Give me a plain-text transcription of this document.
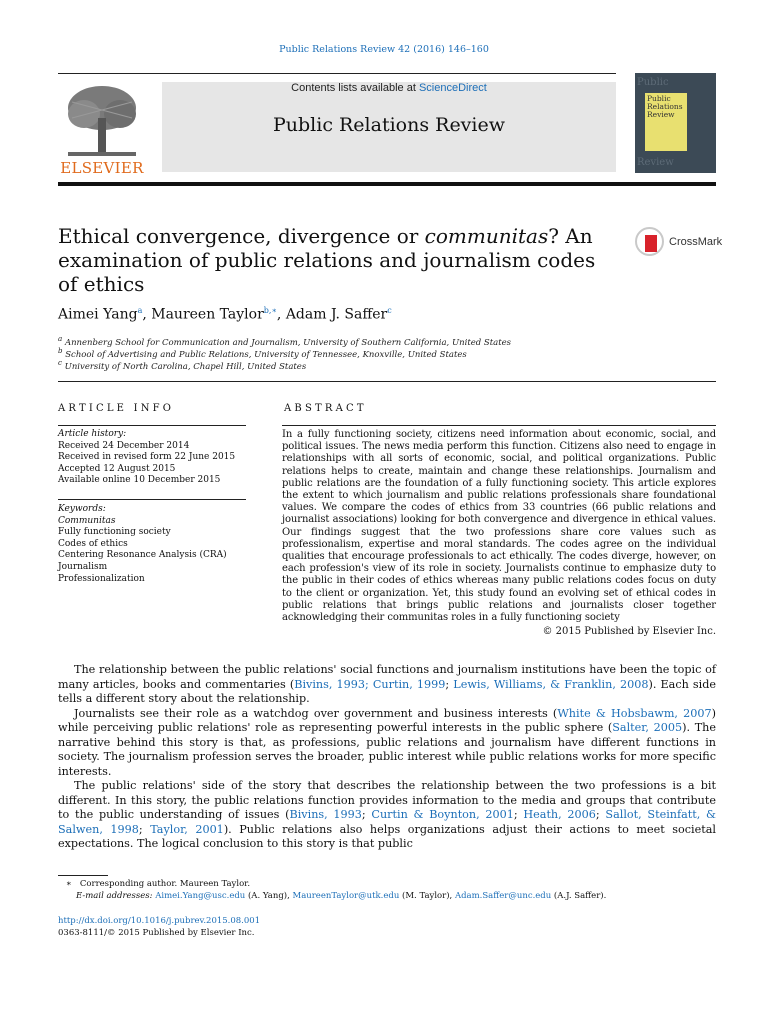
Public Relations Review 42 (2016) 146–160
ELSEVIER
Contents lists available at ScienceDirect
Public Relations Review
Public
Review
Public
Relations
Review
Ethical convergence, divergence or communitas? An examination of public relations and journalism codes of ethics
CrossMark
Aimei Yang$^a$, Maureen Taylor$^{b,∗}$, Adam J. Saffer$^c$
$^a$ Annenberg School for Communication and Journalism, University of Southern California, United States
$^b$ School of Advertising and Public Relations, University of Tennessee, Knoxville, United States
$^c$ University of North Carolina, Chapel Hill, United States
ARTICLE INFO
Article history:
Received 24 December 2014
Received in revised form 22 June 2015
Accepted 12 August 2015
Available online 10 December 2015
Keywords:
Communitas
Fully functioning society
Codes of ethics
Centering Resonance Analysis (CRA)
Journalism
Professionalization
ABSTRACT
In a fully functioning society, citizens need information about economic, social, and political issues. The news media perform this function. Citizens also need to engage in relationships with all sorts of economic, social, and political organizations. Public relations helps to create, maintain and change these relationships. Journalism and public relations are the foundation of a fully functioning society. This article explores the extent to which journalism and public relations professionals share foundational values. We compare the codes of ethics from 33 countries (66 public relations and journalist associations) looking for both convergence and divergence in ethical values. Our findings suggest that the two professions share core values such as professionalism, expertise and moral standards. The codes agree on the individual qualities that encourage professionals to act ethically. The codes diverge, however, on each profession's view of its role in society. Journalists continue to emphasize duty to the public in their codes of ethics whereas many public relations codes focus on duty to the client or organization. Yet, this study found an evolving set of ethical codes in public relations that brings public relations and journalists closer together acknowledging their communitas roles in a fully functioning society
© 2015 Published by Elsevier Inc.

The relationship between the public relations' social functions and journalism institutions have been the topic of many articles, books and commentaries (Bivins, 1993; Curtin, 1999; Lewis, Williams, & Franklin, 2008). Each side tells a different story about the relationship.

Journalists see their role as a watchdog over government and business interests (White & Hobsbawm, 2007) while perceiving public relations' role as representing powerful interests in the public sphere (Salter, 2005). The narrative behind this story is that, as professions, public relations and journalism have different functions in society. The journalism profession serves the broader, public interest while public relations works for more specific interests.

The public relations' side of the story that describes the relationship between the two professions is a bit different. In this story, the public relations function provides information to the media and groups that contribute to the public understanding of issues (Bivins, 1993; Curtin & Boynton, 2001; Heath, 2006; Sallot, Steinfatt, & Salwen, 1998; Taylor, 2001). Public relations also helps organizations adjust their actions to meet societal expectations. The logical conclusion to this story is that public

∗ Corresponding author. Maureen Taylor.
E-mail addresses: Aimei.Yang@usc.edu (A. Yang), MaureenTaylor@utk.edu (M. Taylor), Adam.Saffer@unc.edu (A.J. Saffer).
http://dx.doi.org/10.1016/j.pubrev.2015.08.001
0363-8111/© 2015 Published by Elsevier Inc.
